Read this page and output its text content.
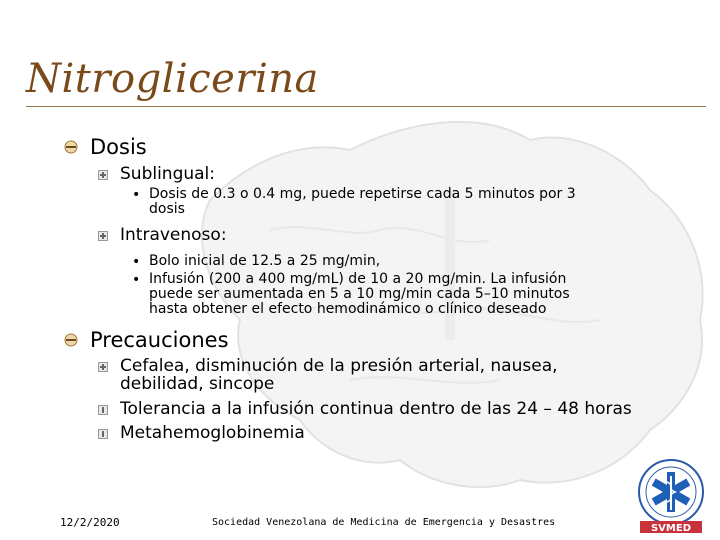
Nitroglicerina
Dosis
Sublingual:
• Dosis de 0.3 o 0.4 mg, puede repetirse cada 5 minutos por 3
dosis
Intravenoso:
• Bolo inicial de 12.5 a 25 mg/min,
• Infusión (200 a 400 mg/mL) de 10 a 20 mg/min. La infusión
puede ser aumentada en 5 a 10 mg/min cada 5–10 minutos
hasta obtener el efecto hemodinámico o clínico deseado
Precauciones
Cefalea, disminución de la presión arterial, nausea,
debilidad, sincope
Tolerancia a la infusión continua dentro de las 24 – 48 horas
Metahemoglobinemia
SVMED
12/2/2020	Sociedad Venezolana de Medicina de Emergencia y Desastres
